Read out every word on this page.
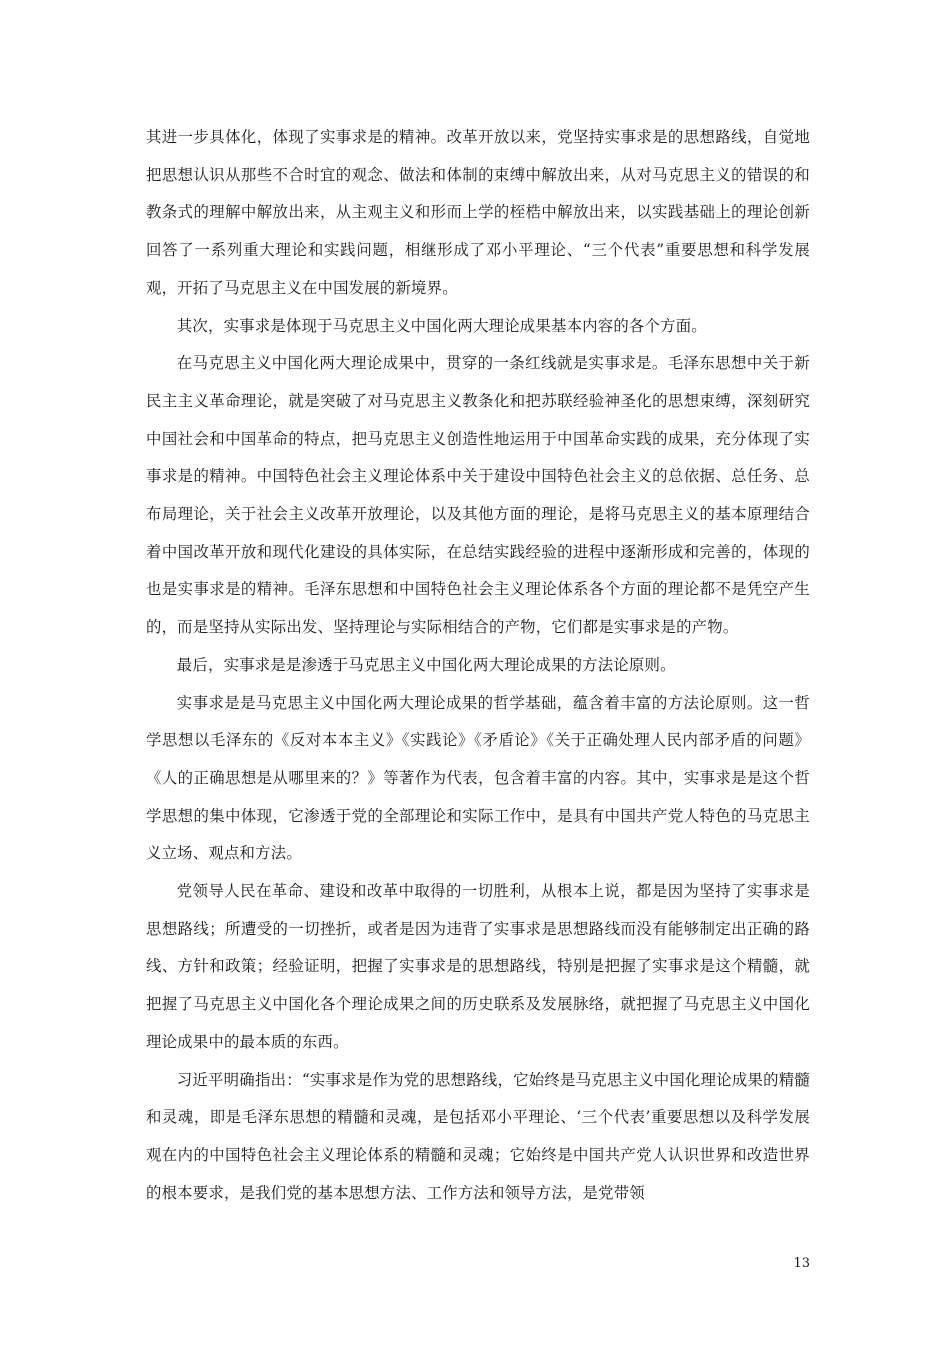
其进一步具体化，体现了实事求是的精神。改革开放以来，党坚持实事求是的思想路线，自觉地把思想认识从那些不合时宜的观念、做法和体制的束缚中解放出来，从对马克思主义的错误的和教条式的理解中解放出来，从主观主义和形而上学的桎梏中解放出来，以实践基础上的理论创新回答了一系列重大理论和实践问题，相继形成了邓小平理论、“三个代表”重要思想和科学发展观，开拓了马克思主义在中国发展的新境界。

其次，实事求是体现于马克思主义中国化两大理论成果基本内容的各个方面。

在马克思主义中国化两大理论成果中，贯穿的一条红线就是实事求是。毛泽东思想中关于新民主主义革命理论，就是突破了对马克思主义教条化和把苏联经验神圣化的思想束缚，深刻研究中国社会和中国革命的特点，把马克思主义创造性地运用于中国革命实践的成果，充分体现了实事求是的精神。中国特色社会主义理论体系中关于建设中国特色社会主义的总依据、总任务、总布局理论，关于社会主义改革开放理论，以及其他方面的理论，是将马克思主义的基本原理结合着中国改革开放和现代化建设的具体实际，在总结实践经验的进程中逐渐形成和完善的，体现的也是实事求是的精神。毛泽东思想和中国特色社会主义理论体系各个方面的理论都不是凭空产生的，而是坚持从实际出发、坚持理论与实际相结合的产物，它们都是实事求是的产物。

最后，实事求是是渗透于马克思主义中国化两大理论成果的方法论原则。

实事求是是马克思主义中国化两大理论成果的哲学基础，蕴含着丰富的方法论原则。这一哲学思想以毛泽东的《反对本本主义》《实践论》《矛盾论》《关于正确处理人民内部矛盾的问题》《人的正确思想是从哪里来的？》等著作为代表，包含着丰富的内容。其中，实事求是是这个哲学思想的集中体现，它渗透于党的全部理论和实际工作中，是具有中国共产党人特色的马克思主义立场、观点和方法。

党领导人民在革命、建设和改革中取得的一切胜利，从根本上说，都是因为坚持了实事求是思想路线；所遭受的一切挫折，或者是因为违背了实事求是思想路线而没有能够制定出正确的路线、方针和政策；经验证明，把握了实事求是的思想路线，特别是把握了实事求是这个精髓，就把握了马克思主义中国化各个理论成果之间的历史联系及发展脉络，就把握了马克思主义中国化理论成果中的最本质的东西。

习近平明确指出：“实事求是作为党的思想路线，它始终是马克思主义中国化理论成果的精髓和灵魂，即是毛泽东思想的精髓和灵魂，是包括邓小平理论、‘三个代表’重要思想以及科学发展观在内的中国特色社会主义理论体系的精髓和灵魂；它始终是中国共产党人认识世界和改造世界的根本要求，是我们党的基本思想方法、工作方法和领导方法，是党带领

13
